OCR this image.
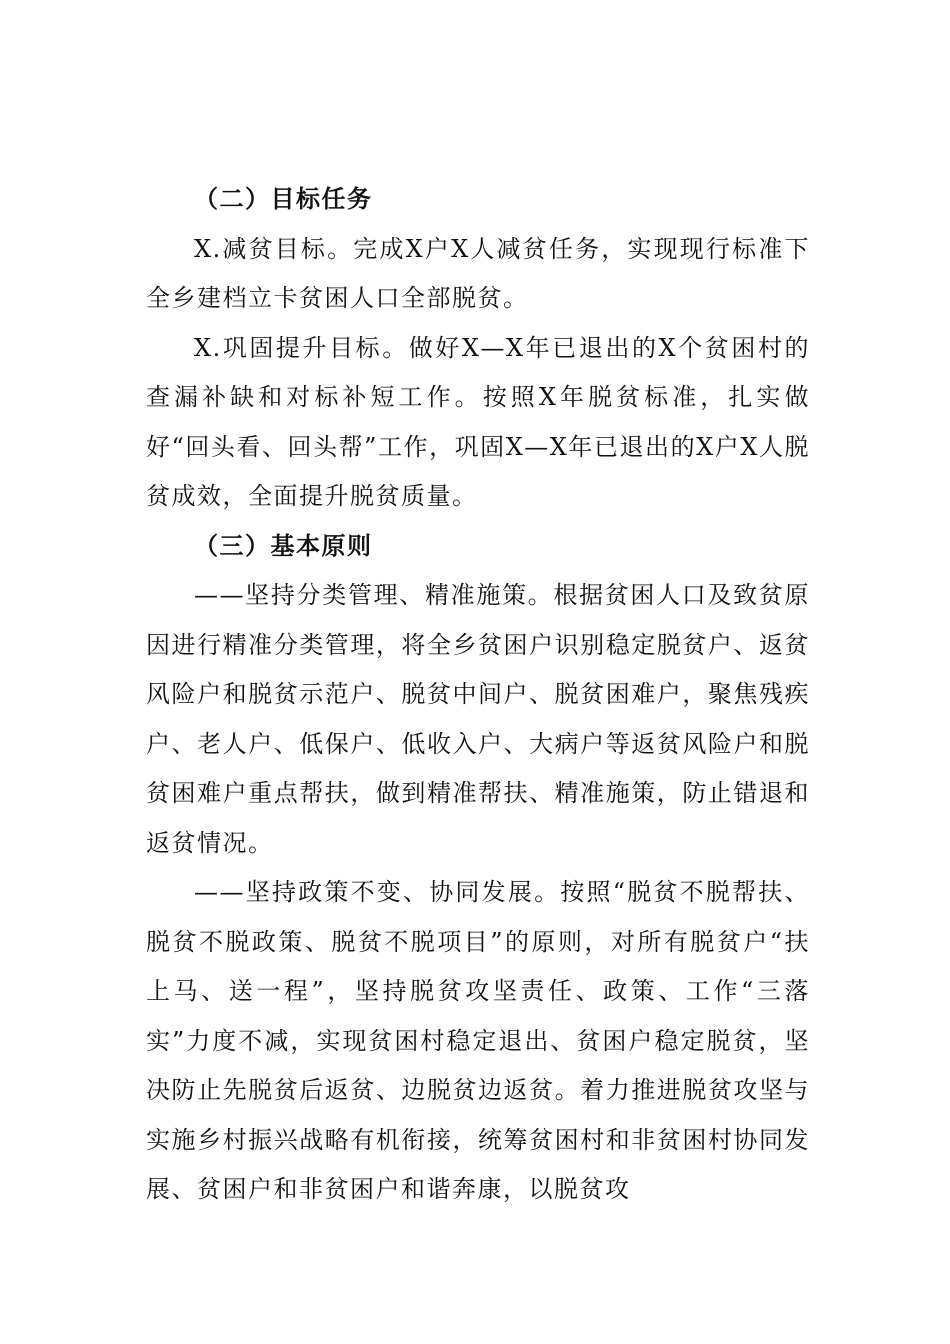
（二）目标任务

X.减贫目标。完成X户X人减贫任务，实现现行标准下全乡建档立卡贫困人口全部脱贫。

X.巩固提升目标。做好X—X年已退出的X个贫困村的查漏补缺和对标补短工作。按照X年脱贫标准，扎实做好“回头看、回头帮”工作，巩固X—X年已退出的X户X人脱贫成效，全面提升脱贫质量。

（三）基本原则

——坚持分类管理、精准施策。根据贫困人口及致贫原因进行精准分类管理，将全乡贫困户识别稳定脱贫户、返贫风险户和脱贫示范户、脱贫中间户、脱贫困难户，聚焦残疾户、老人户、低保户、低收入户、大病户等返贫风险户和脱贫困难户重点帮扶，做到精准帮扶、精准施策，防止错退和返贫情况。

——坚持政策不变、协同发展。按照“脱贫不脱帮扶、脱贫不脱政策、脱贫不脱项目”的原则，对所有脱贫户“扶上马、送一程”，坚持脱贫攻坚责任、政策、工作“三落实”力度不减，实现贫困村稳定退出、贫困户稳定脱贫，坚决防止先脱贫后返贫、边脱贫边返贫。着力推进脱贫攻坚与实施乡村振兴战略有机衔接，统筹贫困村和非贫困村协同发展、贫困户和非贫困户和谐奔康，以脱贫攻
